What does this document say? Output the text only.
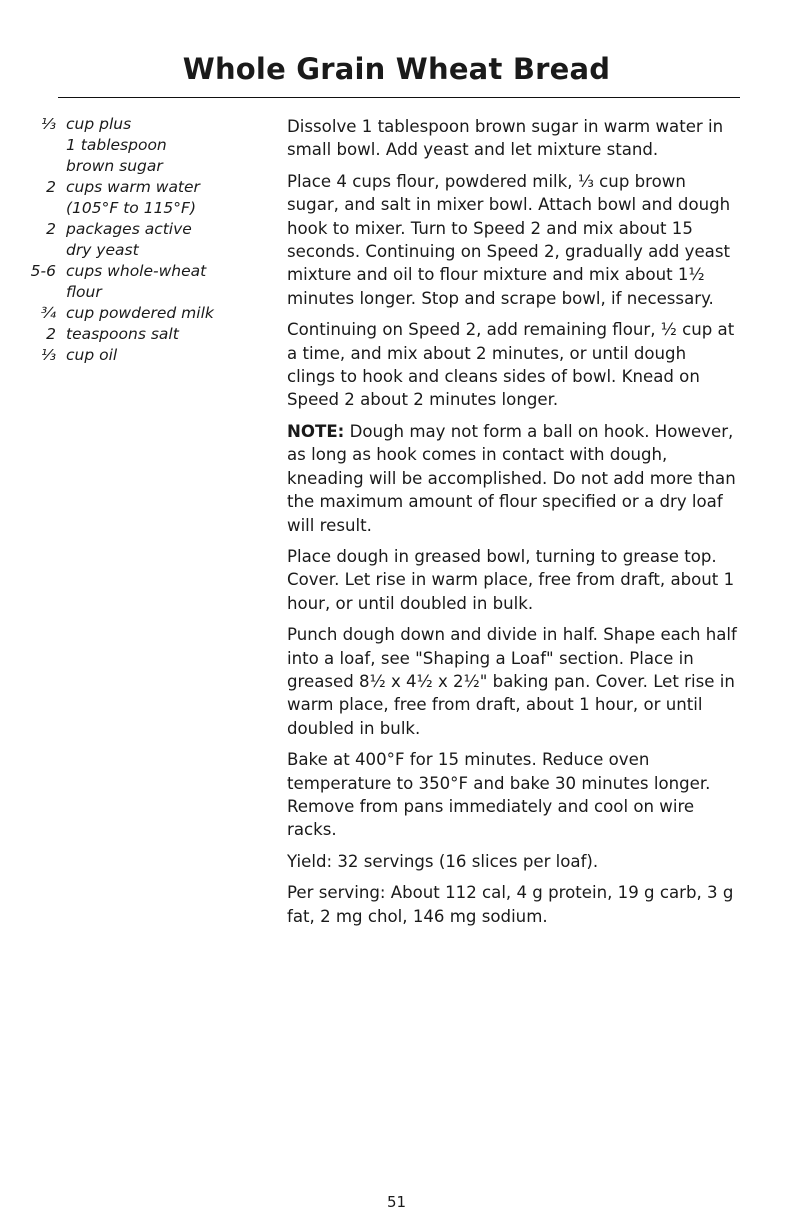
Whole Grain Wheat Bread
⅓ cup plus
1 tablespoon
brown sugar
2 cups warm water
(105°F to 115°F)
2 packages active
dry yeast
5-6 cups whole-wheat
flour
¾ cup powdered milk
2 teaspoons salt
⅓ cup oil

Dissolve 1 tablespoon brown sugar in warm water in small bowl. Add yeast and let mixture stand.

Place 4 cups flour, powdered milk, ⅓ cup brown sugar, and salt in mixer bowl. Attach bowl and dough hook to mixer. Turn to Speed 2 and mix about 15 seconds. Continuing on Speed 2, gradually add yeast mixture and oil to flour mixture and mix about 1½ minutes longer. Stop and scrape bowl, if necessary.

Continuing on Speed 2, add remaining flour, ½ cup at a time, and mix about 2 minutes, or until dough clings to hook and cleans sides of bowl. Knead on Speed 2 about 2 minutes longer.

NOTE: Dough may not form a ball on hook. However, as long as hook comes in contact with dough, kneading will be accomplished. Do not add more than the maximum amount of flour specified or a dry loaf will result.

Place dough in greased bowl, turning to grease top. Cover. Let rise in warm place, free from draft, about 1 hour, or until doubled in bulk.

Punch dough down and divide in half. Shape each half into a loaf, see "Shaping a Loaf" section. Place in greased 8½ x 4½ x 2½" baking pan. Cover. Let rise in warm place, free from draft, about 1 hour, or until doubled in bulk.

Bake at 400°F for 15 minutes. Reduce oven temperature to 350°F and bake 30 minutes longer. Remove from pans immediately and cool on wire racks.

Yield: 32 servings (16 slices per loaf).

Per serving: About 112 cal, 4 g protein, 19 g carb, 3 g fat, 2 mg chol, 146 mg sodium.

51
